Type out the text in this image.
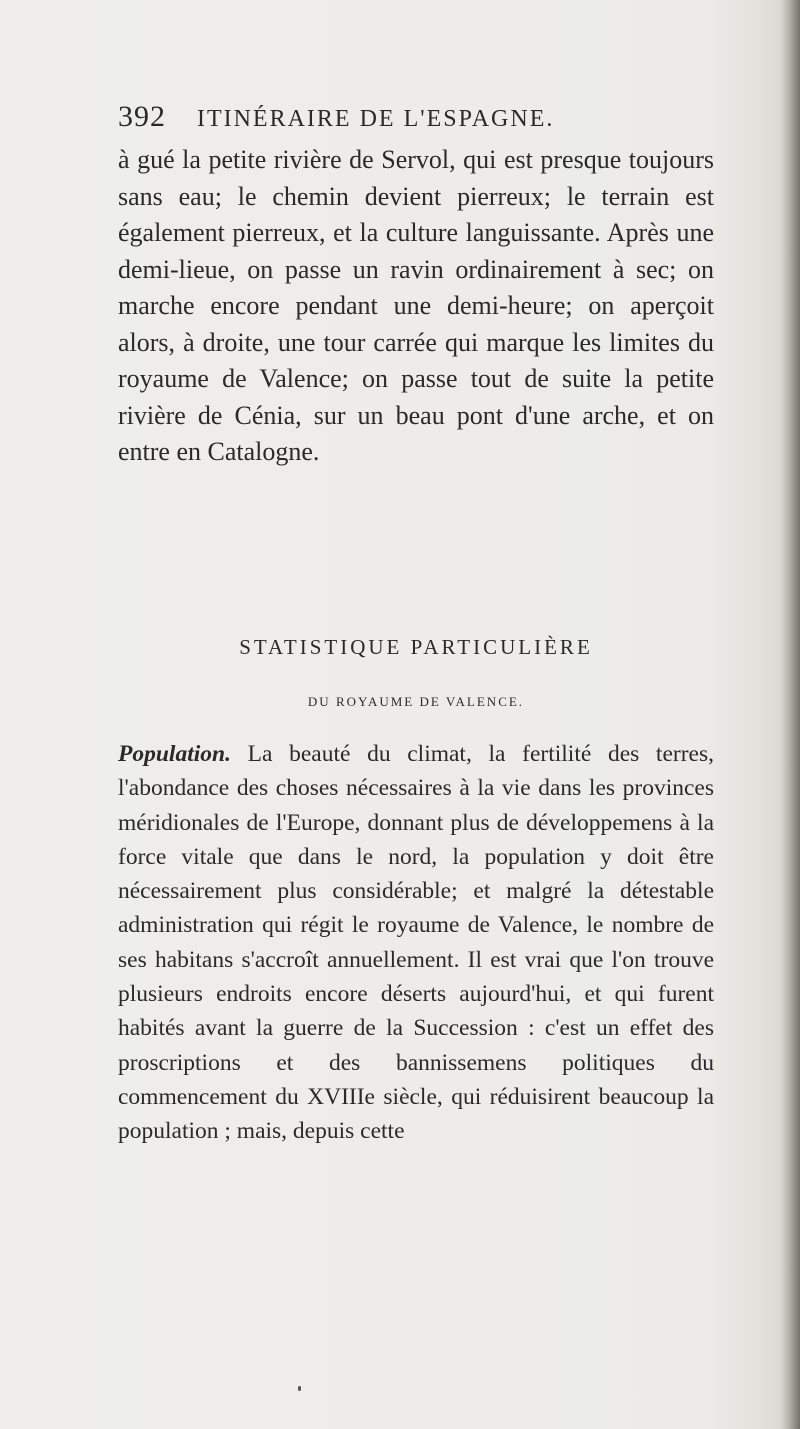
392 ITINÉRAIRE DE L'ESPAGNE.

à gué la petite rivière de Servol, qui est presque toujours sans eau; le chemin devient pierreux; le terrain est également pierreux, et la culture languissante. Après une demi-lieue, on passe un ravin ordinairement à sec; on marche encore pendant une demi-heure; on aperçoit alors, à droite, une tour carrée qui marque les limites du royaume de Valence; on passe tout de suite la petite rivière de Cénia, sur un beau pont d'une arche, et on entre en Catalogne.

STATISTIQUE PARTICULIÈRE

DU ROYAUME DE VALENCE.

Population. La beauté du climat, la fertilité des terres, l'abondance des choses nécessaires à la vie dans les provinces méridionales de l'Europe, donnant plus de développemens à la force vitale que dans le nord, la population y doit être nécessairement plus considérable; et malgré la détestable administration qui régit le royaume de Valence, le nombre de ses habitans s'accroît annuellement. Il est vrai que l'on trouve plusieurs endroits encore déserts aujourd'hui, et qui furent habités avant la guerre de la Succession : c'est un effet des proscriptions et des bannissemens politiques du commencement du XVIIIe siècle, qui réduisirent beaucoup la population ; mais, depuis cette
